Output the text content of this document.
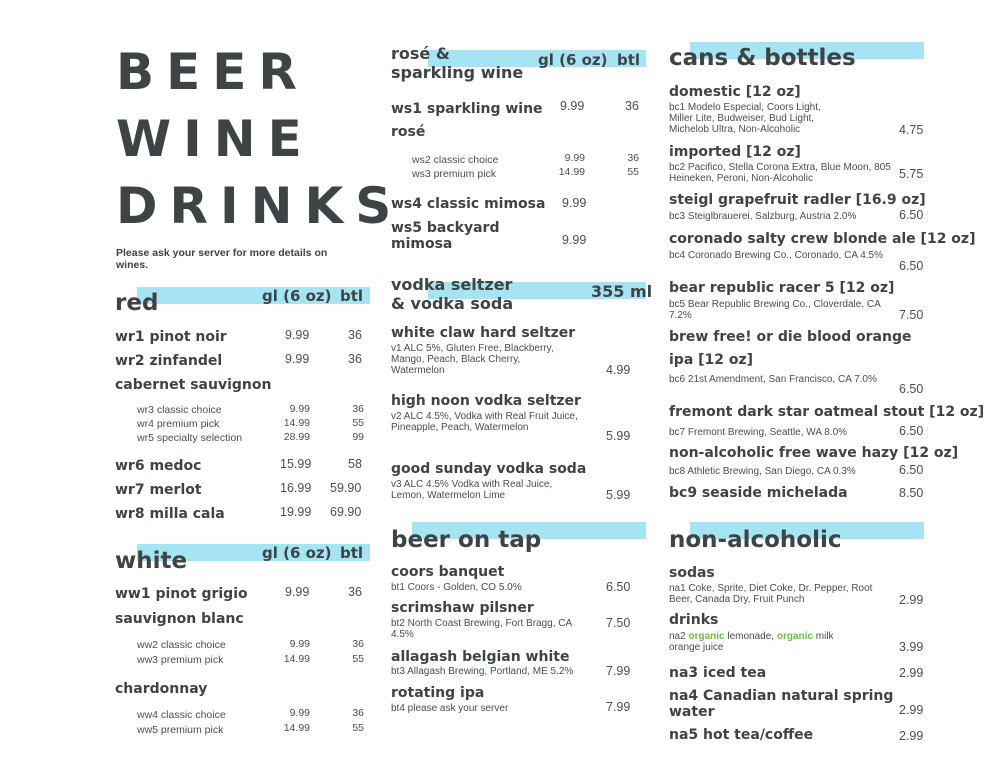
BEER
WINE
DRINKS
Please ask your server for more details on wines.
red	gl (6 oz) btl
wr1 pinot noir	9.99	36
wr2 zinfandel	9.99	36
cabernet sauvignon
wr3 classic choice	9.99	36
wr4 premium pick	14.99	55
wr5 specialty selection	28.99	99
wr6 medoc	15.99	58
wr7 merlot	16.99 59.90
wr8 milla cala	19.99 69.90
white	gl (6 oz) btl
ww1 pinot grigio	9.99	36
sauvignon blanc
ww2 classic choice	9.99	36
ww3 premium pick	14.99	55
chardonnay
ww4 classic choice	9.99	36
ww5 premium pick	14.99	55
rosé &
sparkling wine
gl (6 oz) btl
ws1 sparkling wine 9.99	36
rosé
ws2 classic choice	9.99	36
ws3 premium pick	14.99	55
ws4 classic mimosa 9.99
ws5 backyard mimosa	9.99
vodka seltzer
& vodka soda
355 ml
white claw hard seltzer
v1 ALC 5%, Gluten Free, Blackberry, Mango, Peach, Black Cherry, Watermelon	4.99
high noon vodka seltzer
v2 ALC 4.5%, Vodka with Real Fruit Juice, Pineapple, Peach, Watermelon
5.99
good sunday vodka soda
v3 ALC 4.5% Vodka with Real Juice, Lemon, Watermelon Lime	5.99
beer on tap
coors banquet
bt1 Coors - Golden, CO 5.0%	6.50
scrimshaw pilsner
bt2 North Coast Brewing, Fort Bragg, CA 4.5%
7.50
allagash belgian white
bt3 Allagash Brewing, Portland, ME 5.2%	7.99
rotating ipa
bt4 please ask your server	7.99
cans & bottles
domestic [12 oz]
bc1 Modelo Especial, Coors Light, Miller Lite, Budweiser, Bud Light, Michelob Ultra, Non-Alcoholic	4.75
imported [12 oz]
bc2 Pacifico, Stella Corona Extra, Blue Moon, 805 Heineken, Peroni, Non-Alcoholic	5.75
steigl grapefruit radler [16.9 oz]
bc3 Steiglbrauerei, Salzburg, Austria 2.0%	6.50
coronado salty crew blonde ale [12 oz]
bc4 Coronado Brewing Co., Coronado, CA 4.5%
6.50
bear republic racer 5 [12 oz]
bc5 Bear Republic Brewing Co., Cloverdale, CA 7.2%	7.50
brew free! or die blood orange
ipa [12 oz]
bc6 21st Amendment, San Francisco, CA 7.0%
6.50
fremont dark star oatmeal stout [12 oz]
bc7 Fremont Brewing, Seattle, WA 8.0%	6.50
non-alcoholic free wave hazy [12 oz]
bc8 Athletic Brewing, San Diego, CA 0.3%	6.50
bc9 seaside michelada	8.50
non-alcoholic
sodas
na1 Coke, Sprite, Diet Coke, Dr. Pepper, Root Beer, Canada Dry, Fruit Punch	2.99
drinks
na2 organic lemonade, organic milk
orange juice	3.99
na3 iced tea	2.99
na4 Canadian natural spring water	2.99
na5 hot tea/coffee	2.99
